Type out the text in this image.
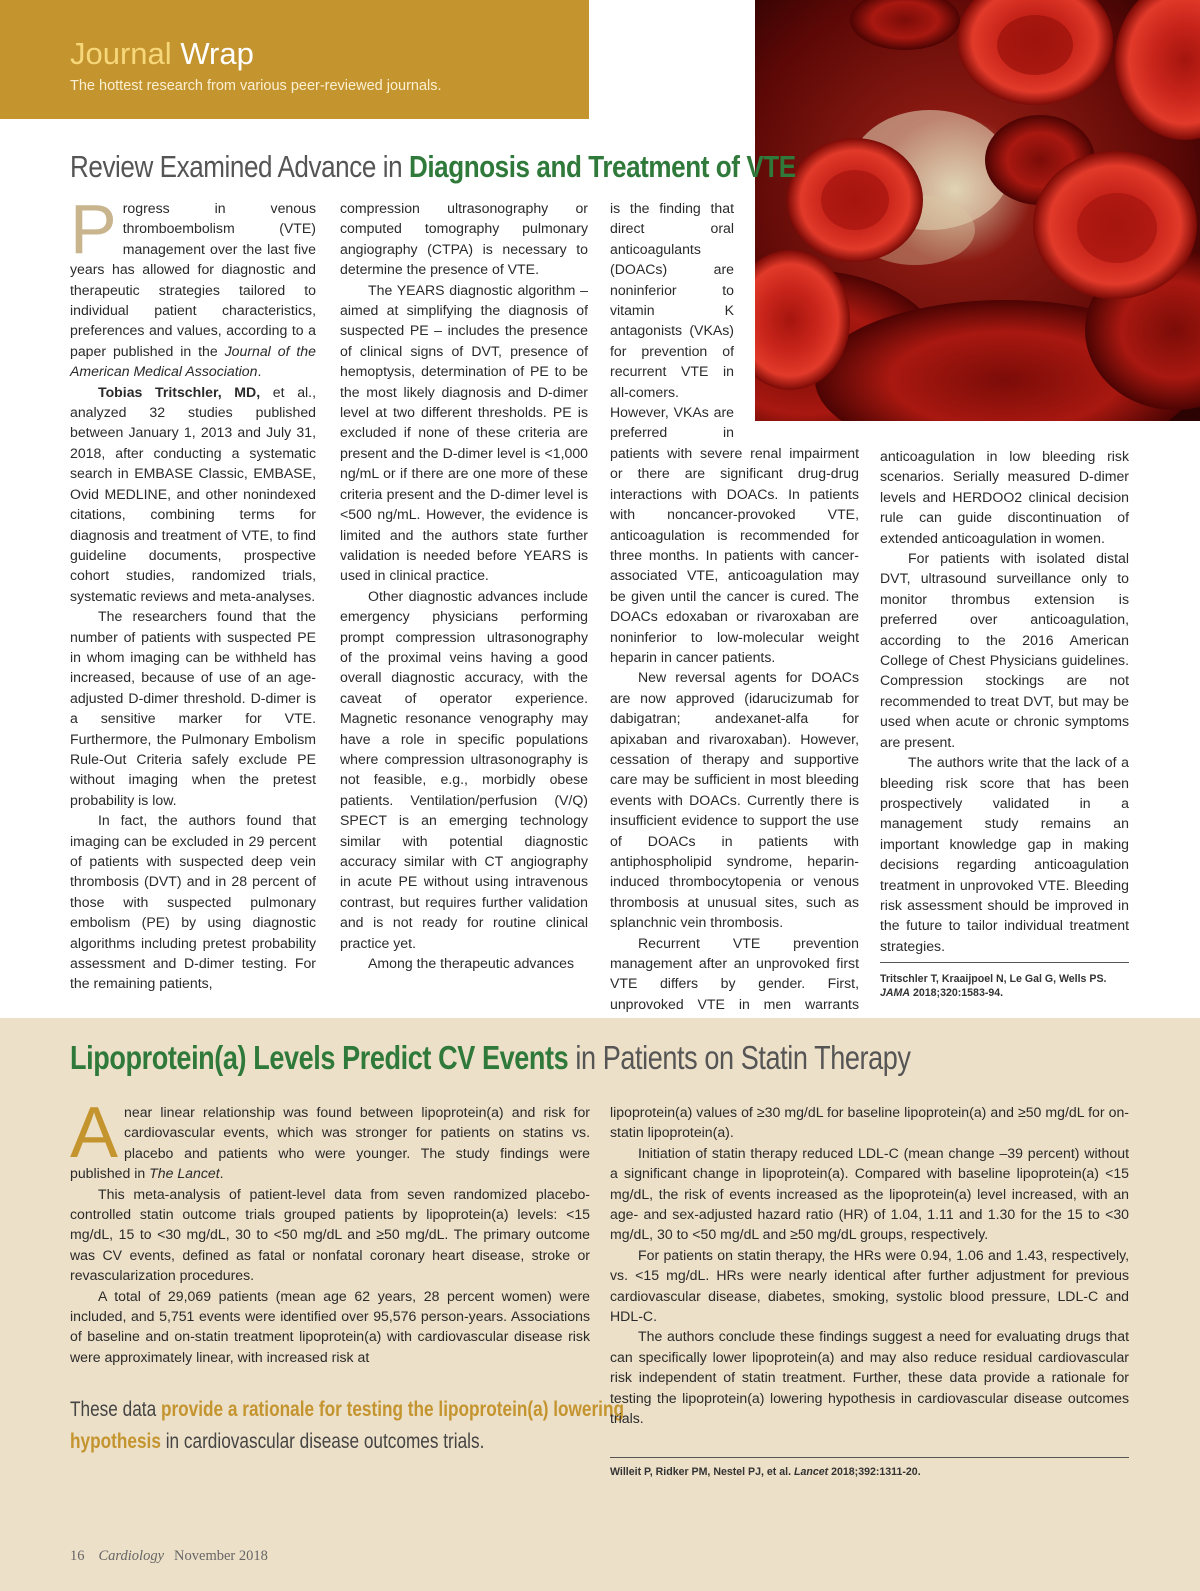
Journal Wrap
The hottest research from various peer-reviewed journals.
Review Examined Advance in Diagnosis and Treatment of VTE

Progress in venous thromboembolism (VTE) management over the last five years has allowed for diagnostic and therapeutic strategies tailored to individual patient characteristics, preferences and values, according to a paper published in the Journal of the American Medical Association.

Tobias Tritschler, MD, et al., analyzed 32 studies published between January 1, 2013 and July 31, 2018, after conducting a systematic search in EMBASE Classic, EMBASE, Ovid MEDLINE, and other nonindexed citations, combining terms for diagnosis and treatment of VTE, to find guideline documents, prospective cohort studies, randomized trials, systematic reviews and meta-analyses.

The researchers found that the number of patients with suspected PE in whom imaging can be withheld has increased, because of use of an age-adjusted D-dimer threshold. D-dimer is a sensitive marker for VTE. Furthermore, the Pulmonary Embolism Rule-Out Criteria safely exclude PE without imaging when the pretest probability is low.

In fact, the authors found that imaging can be excluded in 29 percent of patients with suspected deep vein thrombosis (DVT) and in 28 percent of those with suspected pulmonary embolism (PE) by using diagnostic algorithms including pretest probability assessment and D-dimer testing. For the remaining patients,

compression ultrasonography or computed tomography pulmonary angiography (CTPA) is necessary to determine the presence of VTE.

The YEARS diagnostic algorithm – aimed at simplifying the diagnosis of suspected PE – includes the presence of clinical signs of DVT, presence of hemoptysis, determination of PE to be the most likely diagnosis and D-dimer level at two different thresholds. PE is excluded if none of these criteria are present and the D-dimer level is <1,000 ng/mL or if there are one more of these criteria present and the D-dimer level is <500 ng/mL. However, the evidence is limited and the authors state further validation is needed before YEARS is used in clinical practice.

Other diagnostic advances include emergency physicians performing prompt compression ultrasonography of the proximal veins having a good overall diagnostic accuracy, with the caveat of operator experience. Magnetic resonance venography may have a role in specific populations where compression ultrasonography is not feasible, e.g., morbidly obese patients. Ventilation/perfusion (V/Q) SPECT is an emerging technology similar with potential diagnostic accuracy similar with CT angiography in acute PE without using intravenous contrast, but requires further validation and is not ready for routine clinical practice yet.

Among the therapeutic advances

is the finding that direct oral anticoagulants (DOACs) are noninferior to vitamin K antagonists (VKAs) for prevention of recurrent VTE in all-comers. However, VKAs are preferred in patients with severe renal impairment or there are significant drug-drug interactions with DOACs. In patients with noncancer-provoked VTE, anticoagulation is recommended for three months. In patients with cancer-associated VTE, anticoagulation may be given until the cancer is cured. The DOACs edoxaban or rivaroxaban are noninferior to low-molecular weight heparin in cancer patients.

New reversal agents for DOACs are now approved (idarucizumab for dabigatran; andexanet-alfa for apixaban and rivaroxaban). However, cessation of therapy and supportive care may be sufficient in most bleeding events with DOACs. Currently there is insufficient evidence to support the use of DOACs in patients with antiphospholipid syndrome, heparin-induced thrombocytopenia or venous thrombosis at unusual sites, such as splanchnic vein thrombosis.

Recurrent VTE prevention management after an unprovoked first VTE differs by gender. First, unprovoked VTE in men warrants

anticoagulation in low bleeding risk scenarios. Serially measured D-dimer levels and HERDOO2 clinical decision rule can guide discontinuation of extended anticoagulation in women.

For patients with isolated distal DVT, ultrasound surveillance only to monitor thrombus extension is preferred over anticoagulation, according to the 2016 American College of Chest Physicians guidelines. Compression stockings are not recommended to treat DVT, but may be used when acute or chronic symptoms are present.

The authors write that the lack of a bleeding risk score that has been prospectively validated in a management study remains an important knowledge gap in making decisions regarding anticoagulation treatment in unprovoked VTE. Bleeding risk assessment should be improved in the future to tailor individual treatment strategies.

Tritschler T, Kraaijpoel N, Le Gal G, Wells PS.
JAMA 2018;320:1583-94.
Lipoprotein(a) Levels Predict CV Events in Patients on Statin Therapy

A near linear relationship was found between lipoprotein(a) and risk for cardiovascular events, which was stronger for patients on statins vs. placebo and patients who were younger. The study findings were published in The Lancet.

This meta-analysis of patient-level data from seven randomized placebo-controlled statin outcome trials grouped patients by lipoprotein(a) levels: <15 mg/dL, 15 to <30 mg/dL, 30 to <50 mg/dL and ≥50 mg/dL. The primary outcome was CV events, defined as fatal or nonfatal coronary heart disease, stroke or revascularization procedures.

A total of 29,069 patients (mean age 62 years, 28 percent women) were included, and 5,751 events were identified over 95,576 person-years. Associations of baseline and on-statin treatment lipoprotein(a) with cardiovascular disease risk were approximately linear, with increased risk at

These data provide a rationale for testing the lipoprotein(a) lowering hypothesis in cardiovascular disease outcomes trials.

lipoprotein(a) values of ≥30 mg/dL for baseline lipoprotein(a) and ≥50 mg/dL for on-statin lipoprotein(a).

Initiation of statin therapy reduced LDL-C (mean change –39 percent) without a significant change in lipoprotein(a). Compared with baseline lipoprotein(a) <15 mg/dL, the risk of events increased as the lipoprotein(a) level increased, with an age- and sex-adjusted hazard ratio (HR) of 1.04, 1.11 and 1.30 for the 15 to <30 mg/dL, 30 to <50 mg/dL and ≥50 mg/dL groups, respectively.

For patients on statin therapy, the HRs were 0.94, 1.06 and 1.43, respectively, vs. <15 mg/dL. HRs were nearly identical after further adjustment for previous cardiovascular disease, diabetes, smoking, systolic blood pressure, LDL-C and HDL-C.

The authors conclude these findings suggest a need for evaluating drugs that can specifically lower lipoprotein(a) and may also reduce residual cardiovascular risk independent of statin treatment. Further, these data provide a rationale for testing the lipoprotein(a) lowering hypothesis in cardiovascular disease outcomes trials.

Willeit P, Ridker PM, Nestel PJ, et al. Lancet 2018;392:1311-20.
16 Cardiology November 2018
